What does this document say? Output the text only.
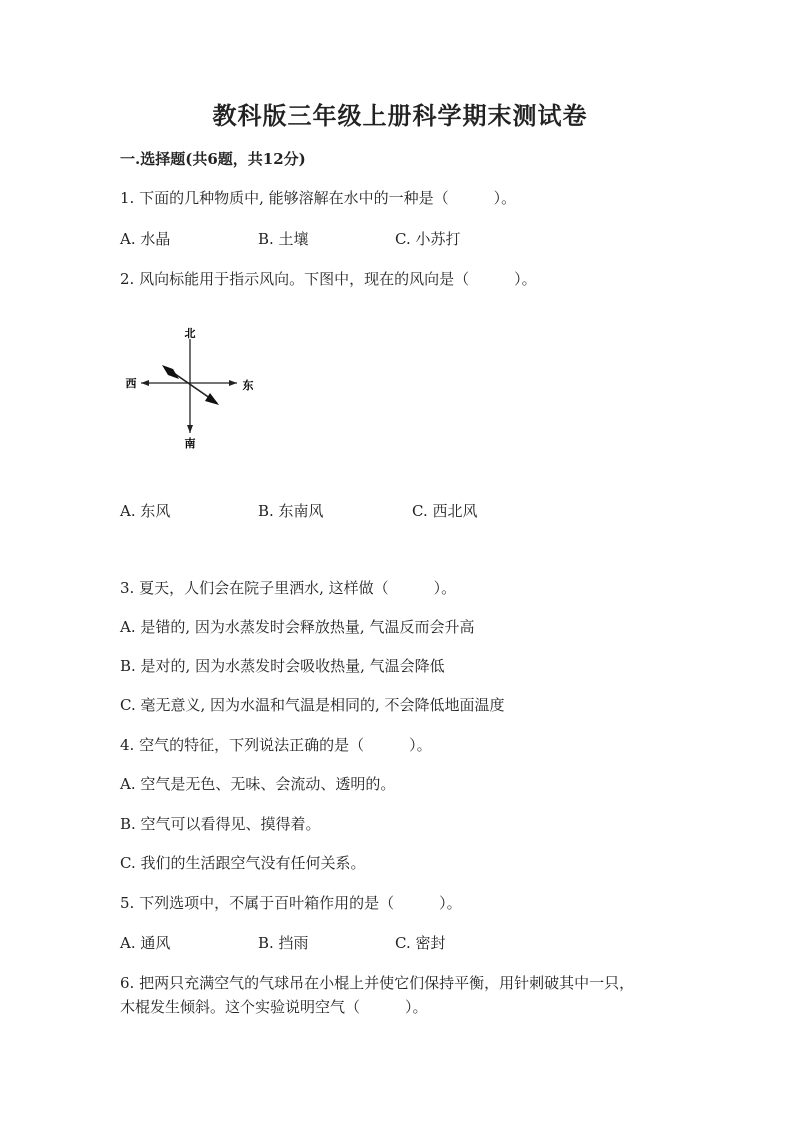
教科版三年级上册科学期末测试卷
一.选择题(共6题，共12分)
1. 下面的几种物质中, 能够溶解在水中的一种是（　　　）。
A. 水晶	B. 土壤	C. 小苏打
2. 风向标能用于指示风向。下图中，现在的风向是（　　　）。
北
南
西	东
A. 东风	B. 东南风	C. 西北风
3. 夏天，人们会在院子里洒水, 这样做（　　　）。
A. 是错的, 因为水蒸发时会释放热量, 气温反而会升高
B. 是对的, 因为水蒸发时会吸收热量, 气温会降低
C. 毫无意义, 因为水温和气温是相同的, 不会降低地面温度
4. 空气的特征，下列说法正确的是（　　　）。
A. 空气是无色、无味、会流动、透明的。
B. 空气可以看得见、摸得着。
C. 我们的生活跟空气没有任何关系。
5. 下列选项中，不属于百叶箱作用的是（　　　）。
A. 通风	B. 挡雨	C. 密封
6. 把两只充满空气的气球吊在小棍上并使它们保持平衡，用针刺破其中一只，
木棍发生倾斜。这个实验说明空气（　　　）。
